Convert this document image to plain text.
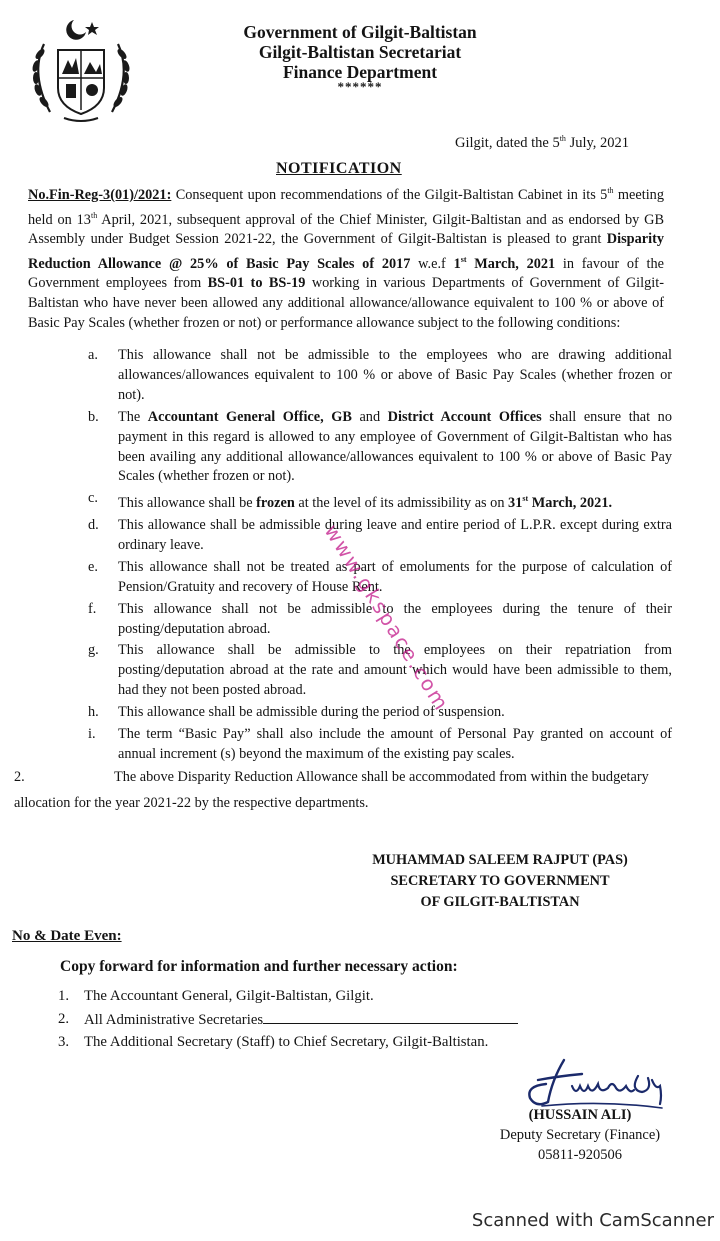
Government of Gilgit-Baltistan
Gilgit-Baltistan Secretariat
Finance Department
******
Gilgit, dated the 5th July, 2021
NOTIFICATION
No.Fin-Reg-3(01)/2021: Consequent upon recommendations of the Gilgit-Baltistan Cabinet in its 5th meeting held on 13th April, 2021, subsequent approval of the Chief Minister, Gilgit-Baltistan and as endorsed by GB Assembly under Budget Session 2021-22, the Government of Gilgit-Baltistan is pleased to grant Disparity Reduction Allowance @ 25% of Basic Pay Scales of 2017 w.e.f 1st March, 2021 in favour of the Government employees from BS-01 to BS-19 working in various Departments of Government of Gilgit-Baltistan who have never been allowed any additional allowance/allowance equivalent to 100 % or above of Basic Pay Scales (whether frozen or not) or performance allowance subject to the following conditions:
a.	This allowance shall not be admissible to the employees who are drawing additional allowances/allowances equivalent to 100 % or above of Basic Pay Scales (whether frozen or not).
b.	The Accountant General Office, GB and District Account Offices shall ensure that no payment in this regard is allowed to any employee of Government of Gilgit-Baltistan who has been availing any additional allowance/allowances equivalent to 100 % or above of Basic Pay Scales (whether frozen or not).
c.	This allowance shall be frozen at the level of its admissibility as on 31st March, 2021.
d.	This allowance shall be admissible during leave and entire period of L.P.R. except during extra ordinary leave.
e.	This allowance shall not be treated as part of emoluments for the purpose of calculation of Pension/Gratuity and recovery of House Rent.
f.	This allowance shall not be admissible to the employees during the tenure of their posting/deputation abroad.
g.	This allowance shall be admissible to the employees on their repatriation from posting/deputation abroad at the rate and amount which would have been admissible to them, had they not been posted abroad.
h.	This allowance shall be admissible during the period of suspension.
i.	The term “Basic Pay” shall also include the amount of Personal Pay granted on account of annual increment (s) beyond the maximum of the existing pay scales.
2.	The above Disparity Reduction Allowance shall be accommodated from within the budgetary allocation for the year 2021-22 by the respective departments.
MUHAMMAD SALEEM RAJPUT (PAS)
SECRETARY TO GOVERNMENT
OF GILGIT-BALTISTAN
No & Date Even:
Copy forward for information and further necessary action:
1.	The Accountant General, Gilgit-Baltistan, Gilgit.
2.	All Administrative Secretaries
3.	The Additional Secretary (Staff) to Chief Secretary, Gilgit-Baltistan.
(HUSSAIN ALI)
Deputy Secretary (Finance)
05811-920506
www.gkspace.com
Scanned with CamScanner
